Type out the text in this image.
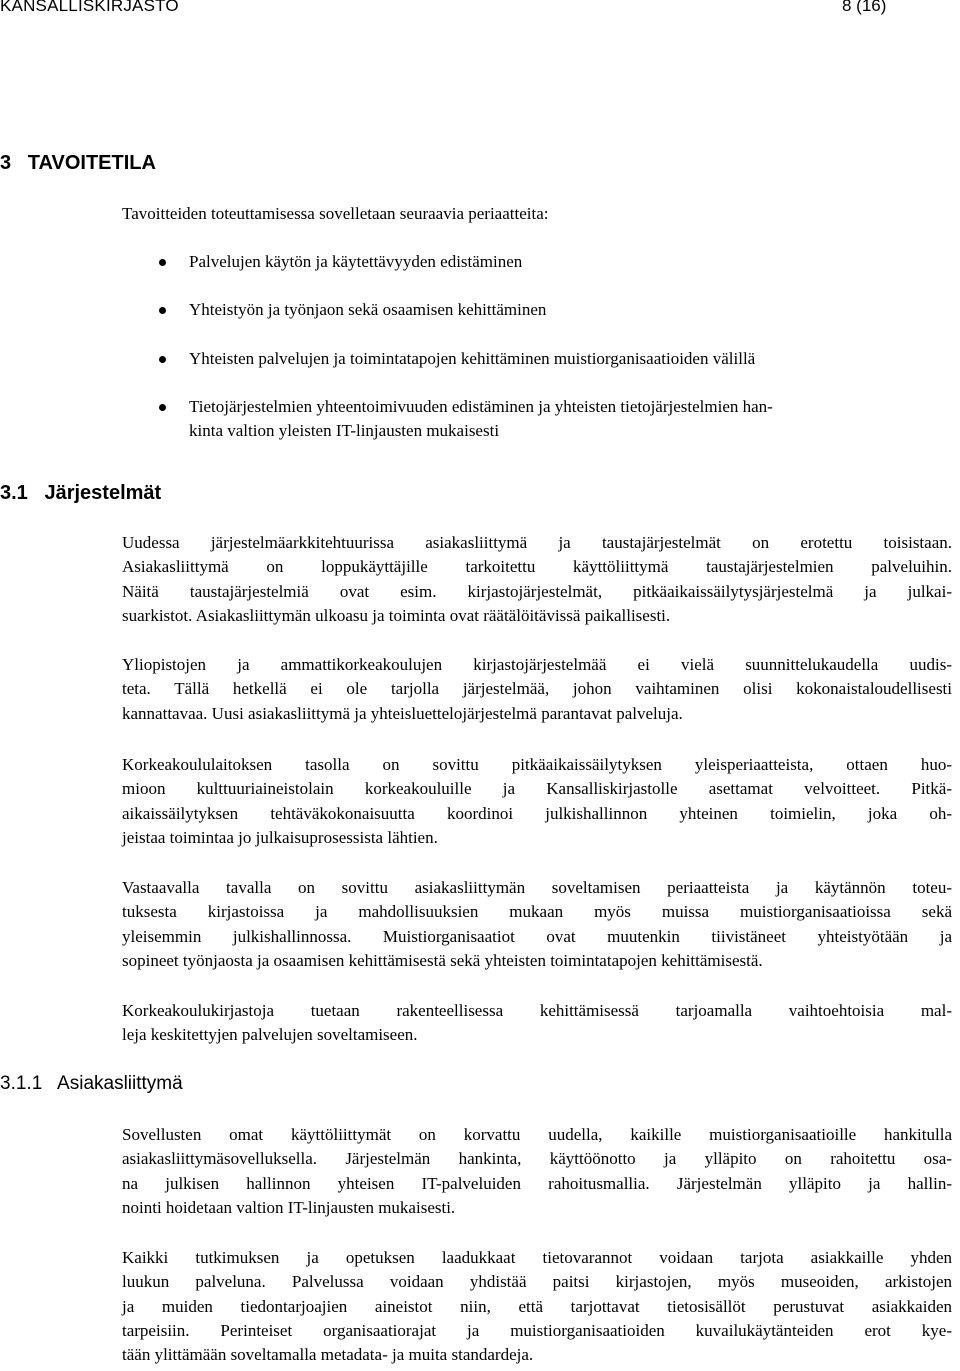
KANSALLISKIRJASTO	8 (16)
3   TAVOITETILA
Tavoitteiden toteuttamisessa sovelletaan seuraavia periaatteita:
Palvelujen käytön ja käytettävyyden edistäminen
Yhteistyön ja työnjaon sekä osaamisen kehittäminen
Yhteisten palvelujen ja toimintatapojen kehittäminen muistiorganisaatioiden välillä
Tietojärjestelmien yhteentoimivuuden edistäminen ja yhteisten tietojärjestelmien han-
kinta valtion yleisten IT-linjausten mukaisesti
3.1   Järjestelmät
Uudessa järjestelmäarkkitehtuurissa asiakasliittymä ja taustajärjestelmät on erotettu toisistaan.
Asiakasliittymä on loppukäyttäjille tarkoitettu käyttöliittymä taustajärjestelmien palveluihin.
Näitä taustajärjestelmiä ovat esim. kirjastojärjestelmät, pitkäaikaissäilytysjärjestelmä ja julkai-
suarkistot. Asiakasliittymän ulkoasu ja toiminta ovat räätälöitävissä paikallisesti.
Yliopistojen ja ammattikorkeakoulujen kirjastojärjestelmää ei vielä suunnittelukaudella uudis-
teta. Tällä hetkellä ei ole tarjolla järjestelmää, johon vaihtaminen olisi kokonaistaloudellisesti
kannattavaa. Uusi asiakasliittymä ja yhteisluettelojärjestelmä parantavat palveluja.
Korkeakoululaitoksen tasolla on sovittu pitkäaikaissäilytyksen yleisperiaatteista, ottaen huo-
mioon kulttuuriaineistolain korkeakouluille ja Kansalliskirjastolle asettamat velvoitteet. Pitkä-
aikaissäilytyksen tehtäväkokonaisuutta koordinoi julkishallinnon yhteinen toimielin, joka oh-
jeistaa toimintaa jo julkaisuprosessista lähtien.
Vastaavalla tavalla on sovittu asiakasliittymän soveltamisen periaatteista ja käytännön toteu-
tuksesta kirjastoissa ja mahdollisuuksien mukaan myös muissa muistiorganisaatioissa sekä
yleisemmin julkishallinnossa. Muistiorganisaatiot ovat muutenkin tiivistäneet yhteistyötään ja
sopineet työnjaosta ja osaamisen kehittämisestä sekä yhteisten toimintatapojen kehittämisestä.
Korkeakoulukirjastoja tuetaan rakenteellisessa kehittämisessä tarjoamalla vaihtoehtoisia mal-
leja keskitettyjen palvelujen soveltamiseen.
3.1.1   Asiakasliittymä
Sovellusten omat käyttöliittymät on korvattu uudella, kaikille muistiorganisaatioille hankitulla
asiakasliittymäsovelluksella. Järjestelmän hankinta, käyttöönotto ja ylläpito on rahoitettu osa-
na julkisen hallinnon yhteisen IT-palveluiden rahoitusmallia. Järjestelmän ylläpito ja hallin-
nointi hoidetaan valtion IT-linjausten mukaisesti.
Kaikki tutkimuksen ja opetuksen laadukkaat tietovarannot voidaan tarjota asiakkaille yhden
luukun palveluna. Palvelussa voidaan yhdistää paitsi kirjastojen, myös museoiden, arkistojen
ja muiden tiedontarjoajien aineistot niin, että tarjottavat tietosisällöt perustuvat asiakkaiden
tarpeisiin. Perinteiset organisaatiorajat ja muistiorganisaatioiden kuvailukäytänteiden erot kye-
tään ylittämään soveltamalla metadata- ja muita standardeja.
